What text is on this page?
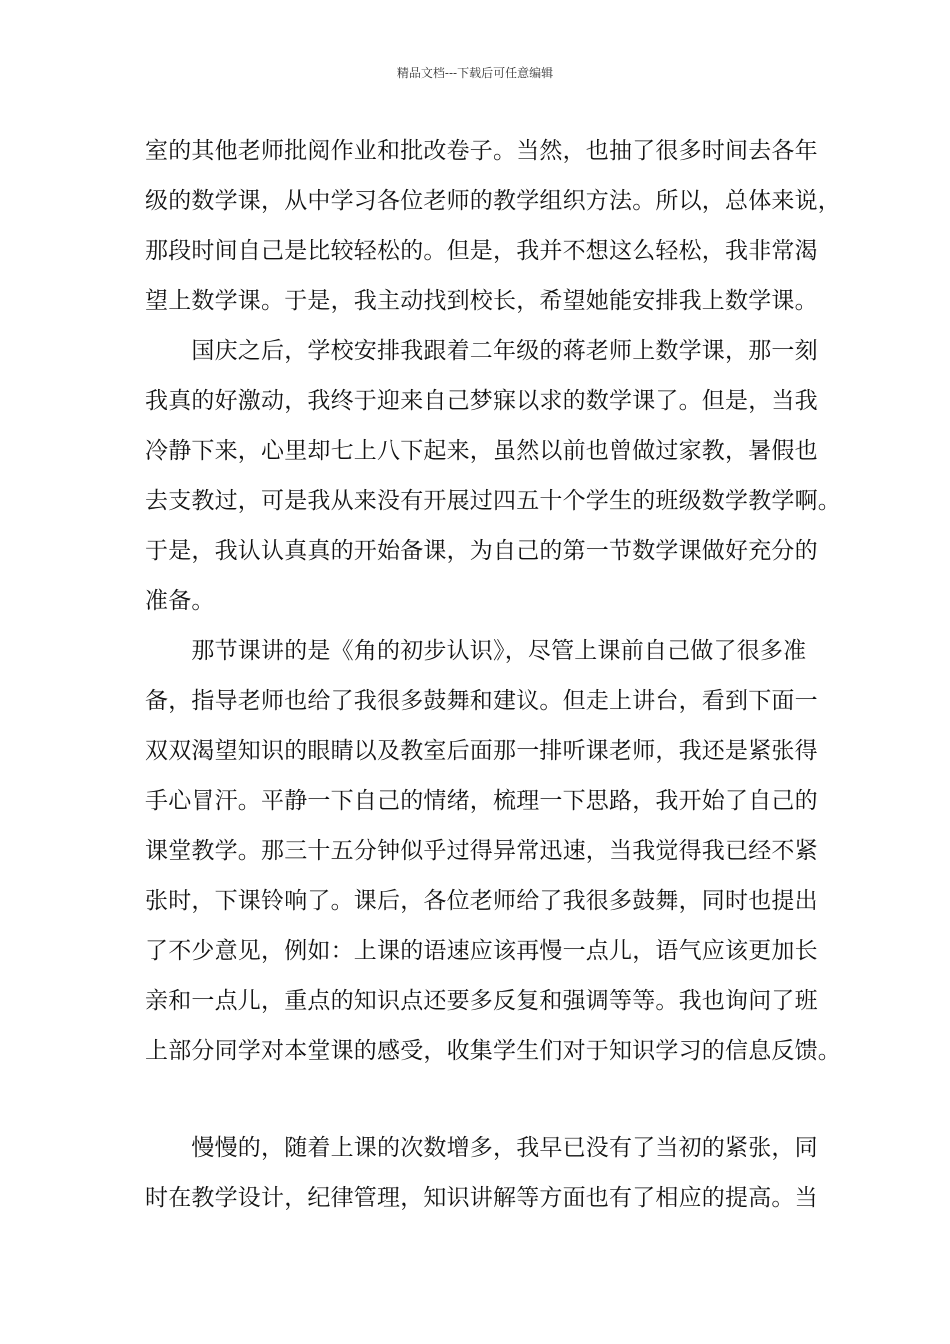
精品文档---下载后可任意编辑
室的其他老师批阅作业和批改卷子。当然，也抽了很多时间去各年
级的数学课，从中学习各位老师的教学组织方法。所以，总体来说，
那段时间自己是比较轻松的。但是，我并不想这么轻松，我非常渴
望上数学课。于是，我主动找到校长，希望她能安排我上数学课。
　　国庆之后，学校安排我跟着二年级的蒋老师上数学课，那一刻
我真的好激动，我终于迎来自己梦寐以求的数学课了。但是，当我
冷静下来，心里却七上八下起来，虽然以前也曾做过家教，暑假也
去支教过，可是我从来没有开展过四五十个学生的班级数学教学啊。
于是，我认认真真的开始备课，为自己的第一节数学课做好充分的
准备。
　　那节课讲的是《角的初步认识》，尽管上课前自己做了很多准
备，指导老师也给了我很多鼓舞和建议。但走上讲台，看到下面一
双双渴望知识的眼睛以及教室后面那一排听课老师，我还是紧张得
手心冒汗。平静一下自己的情绪，梳理一下思路，我开始了自己的
课堂教学。那三十五分钟似乎过得异常迅速，当我觉得我已经不紧
张时，下课铃响了。课后，各位老师给了我很多鼓舞，同时也提出
了不少意见，例如：上课的语速应该再慢一点儿，语气应该更加长
亲和一点儿，重点的知识点还要多反复和强调等等。我也询问了班
上部分同学对本堂课的感受，收集学生们对于知识学习的信息反馈。
　　慢慢的，随着上课的次数增多，我早已没有了当初的紧张，同
时在教学设计，纪律管理，知识讲解等方面也有了相应的提高。当
